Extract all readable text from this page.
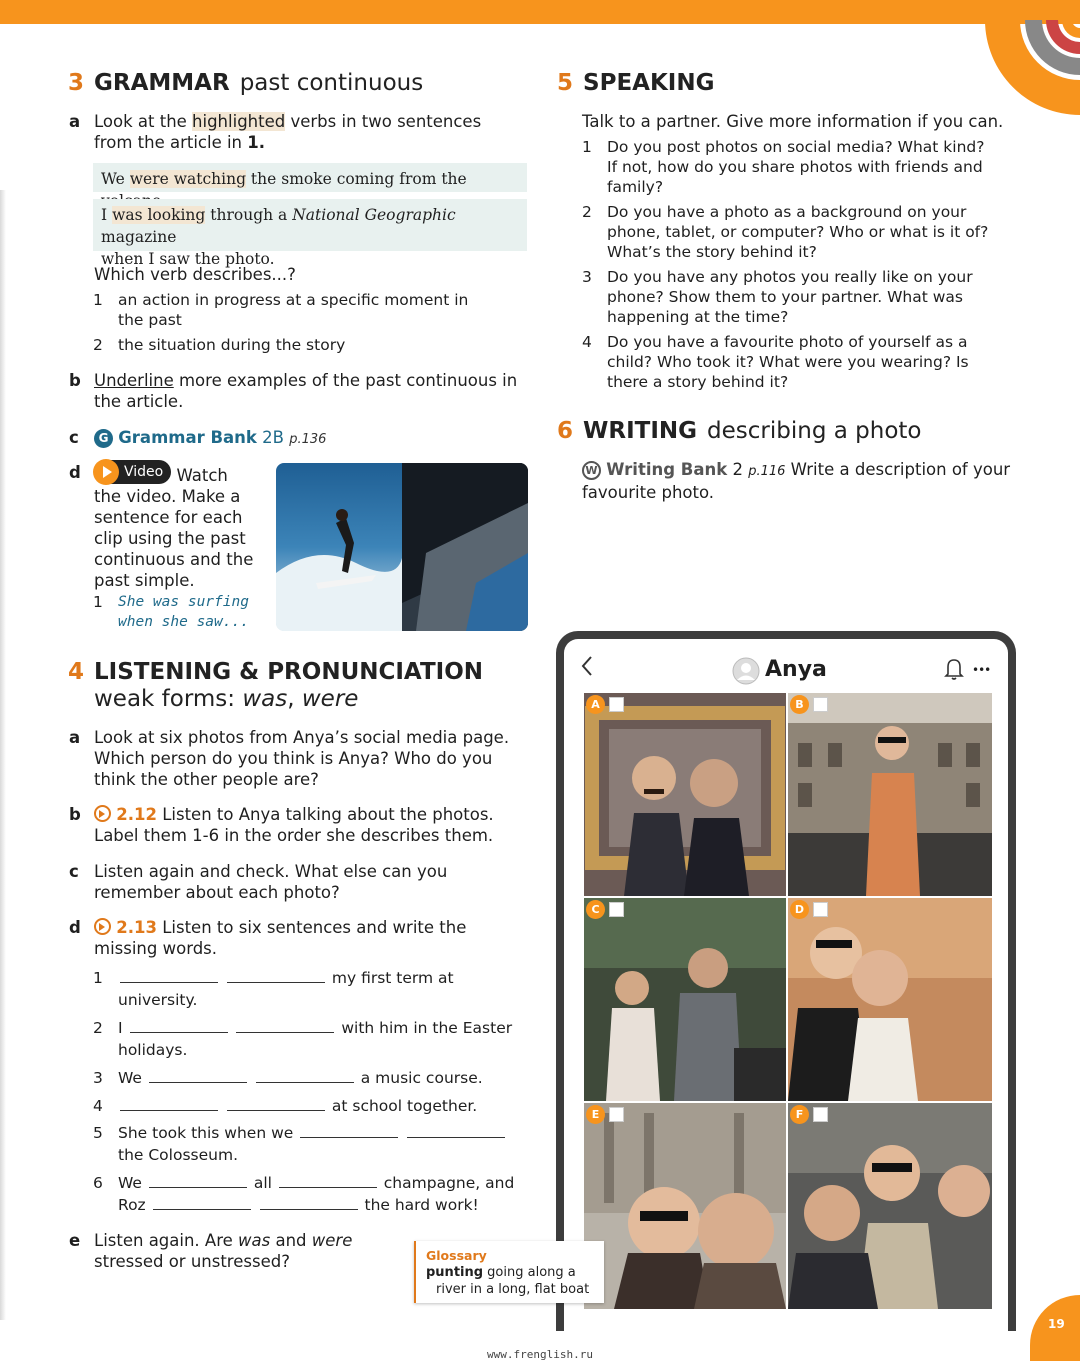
3 GRAMMAR past continuous
a Look at the highlighted verbs in two sentences
from the article in 1.
We were watching the smoke coming from the
I was looking through a National Geographic magazine
when I saw the photo.
Which verb describes...?
1 an action in progress at a specific moment in
the past
2 the situation during the story
b Underline more examples of the past continuous in
the article.
c G Grammar Bank 2B p.136
d	Video Watch
the video. Make a
sentence for each
clip using the past
continuous and the
past simple.
1 She was surfing
when she saw...
4 LISTENING & PRONUNCIATION
weak forms: was, were
a Look at six photos from Anya’s social media page.
Which person do you think is Anya? Who do you
think the other people are?
b	2.12 Listen to Anya talking about the photos.
Label them 1-6 in the order she describes them.
c Listen again and check. What else can you
remember about each photo?
d	2.13 Listen to six sentences and write the
missing words.
1	my first term at
university.
2 I	with him in the Easter
holidays.
3 We	a music course.
4	at school together.
5 She took this when we
the Colosseum.
6 We	all	champagne, and
Roz	the hard work!
e Listen again. Are was and were
stressed or unstressed?
5 SPEAKING
Talk to a partner. Give more information if you can.
1 Do you post photos on social media? What kind?
If not, how do you share photos with friends and
family?
2 Do you have a photo as a background on your
phone, tablet, or computer? Who or what is it of?
What’s the story behind it?
3 Do you have any photos you really like on your
phone? Show them to your partner. What was
happening at the time?
4 Do you have a favourite photo of yourself as a
child? Who took it? What were you wearing? Is
there a story behind it?
6 WRITING describing a photo
W Writing Bank 2 p.116 Write a description of your
favourite photo.
Anya	•••
A	B
C	D
E	F
Glossary
punting going along a
river in a long, flat boat
19
www.frenglish.ru
